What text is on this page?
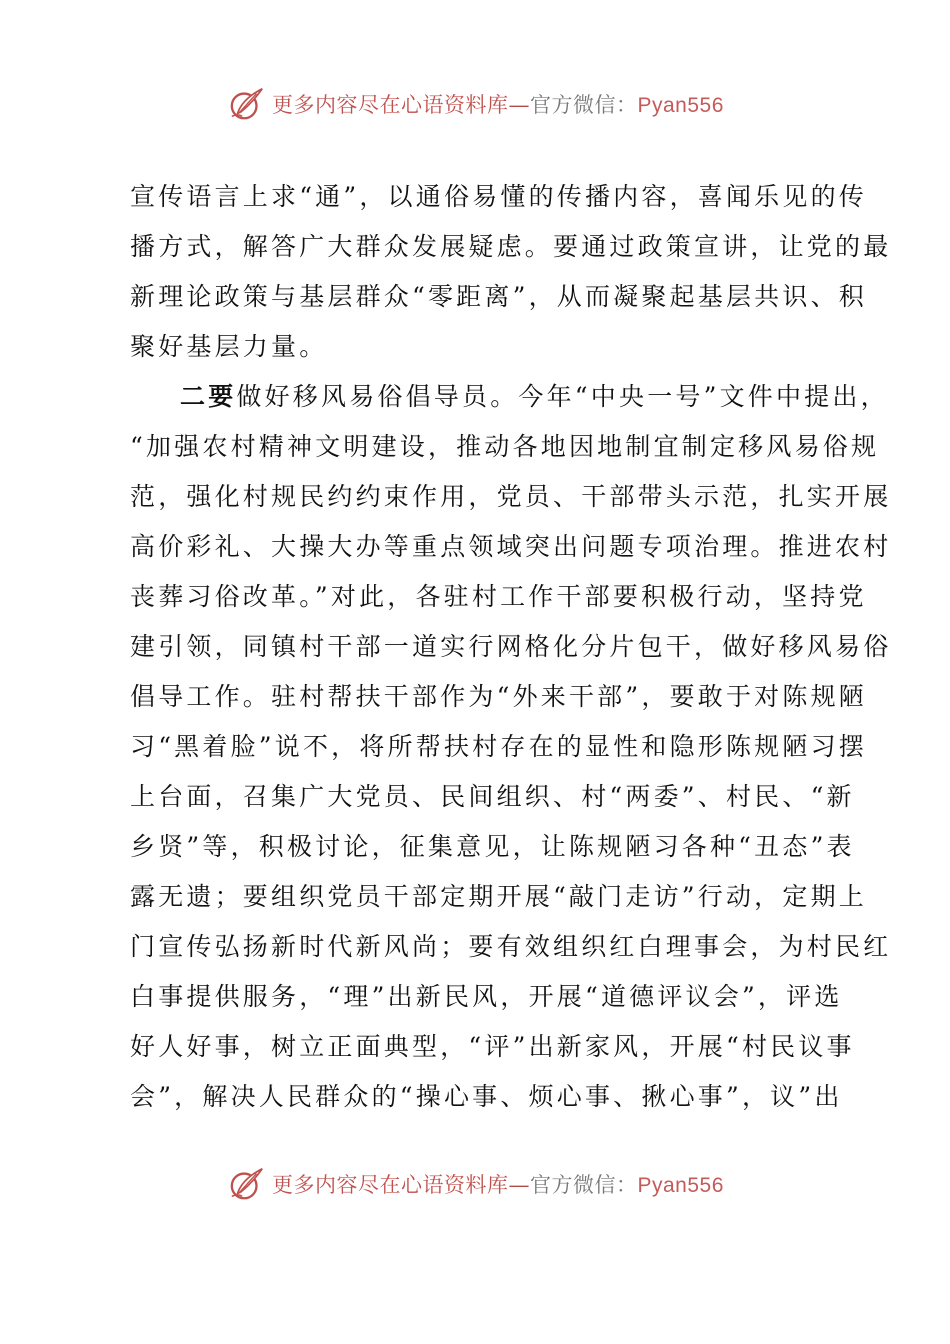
更多内容尽在心语资料库—官方微信：Pyan556
宣传语言上求“通”，以通俗易懂的传播内容，喜闻乐见的传
播方式，解答广大群众发展疑虑。要通过政策宣讲，让党的最
新理论政策与基层群众“零距离”，从而凝聚起基层共识、积
聚好基层力量。
二要做好移风易俗倡导员。今年“中央一号”文件中提出，
“加强农村精神文明建设，推动各地因地制宜制定移风易俗规
范，强化村规民约约束作用，党员、干部带头示范，扎实开展
高价彩礼、大操大办等重点领域突出问题专项治理。推进农村
丧葬习俗改革。”对此，各驻村工作干部要积极行动，坚持党
建引领，同镇村干部一道实行网格化分片包干，做好移风易俗
倡导工作。驻村帮扶干部作为“外来干部”，要敢于对陈规陋
习“黑着脸”说不，将所帮扶村存在的显性和隐形陈规陋习摆
上台面，召集广大党员、民间组织、村“两委”、村民、“新
乡贤”等，积极讨论，征集意见，让陈规陋习各种“丑态”表
露无遗；要组织党员干部定期开展“敲门走访”行动，定期上
门宣传弘扬新时代新风尚；要有效组织红白理事会，为村民红
白事提供服务，“理”出新民风，开展“道德评议会”，评选
好人好事，树立正面典型，“评”出新家风，开展“村民议事
会”，解决人民群众的“操心事、烦心事、揪心事”，议”出
更多内容尽在心语资料库—官方微信：Pyan556
